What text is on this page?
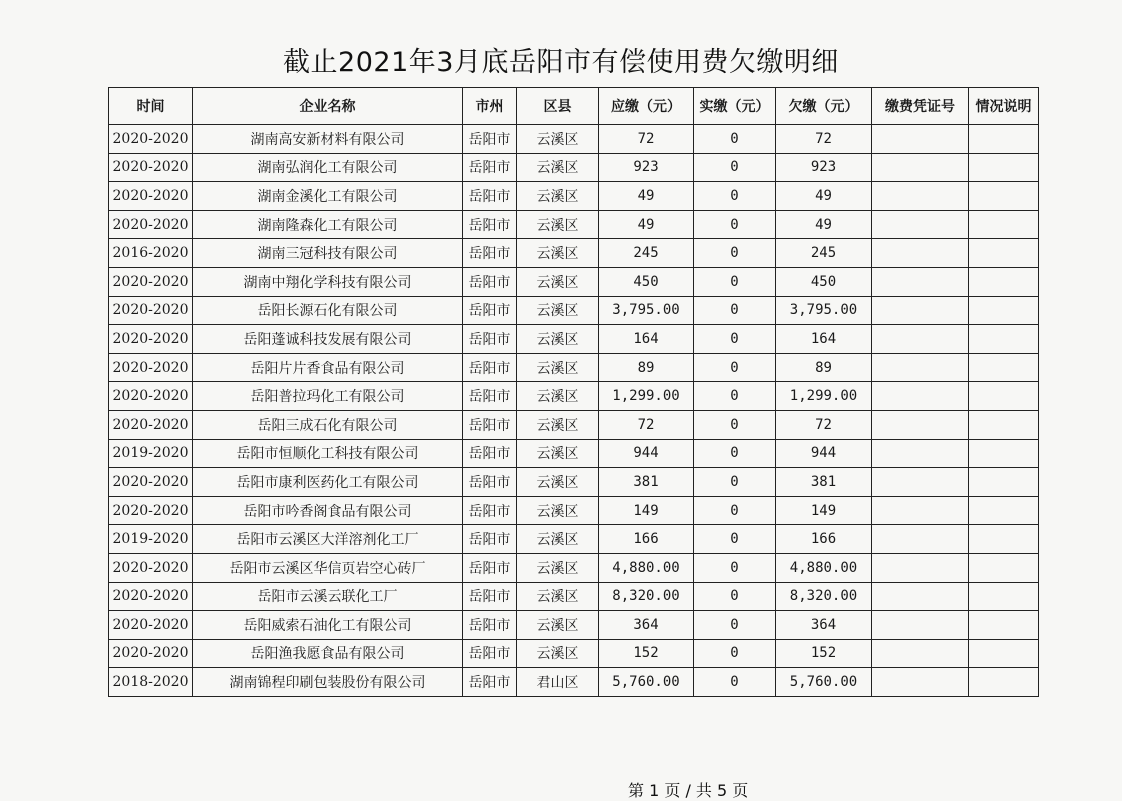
截止2021年3月底岳阳市有偿使用费欠缴明细
时间	企业名称	市州	区县	应缴（元）	实缴（元）	欠缴（元）	缴费凭证号	情况说明
2020-2020	湖南高安新材料有限公司	岳阳市	云溪区	72	0	72		
2020-2020	湖南弘润化工有限公司	岳阳市	云溪区	923	0	923		
2020-2020	湖南金溪化工有限公司	岳阳市	云溪区	49	0	49		
2020-2020	湖南隆森化工有限公司	岳阳市	云溪区	49	0	49		
2016-2020	湖南三冠科技有限公司	岳阳市	云溪区	245	0	245		
2020-2020	湖南中翔化学科技有限公司	岳阳市	云溪区	450	0	450		
2020-2020	岳阳长源石化有限公司	岳阳市	云溪区	3,795.00	0	3,795.00		
2020-2020	岳阳蓬诚科技发展有限公司	岳阳市	云溪区	164	0	164		
2020-2020	岳阳片片香食品有限公司	岳阳市	云溪区	89	0	89		
2020-2020	岳阳普拉玛化工有限公司	岳阳市	云溪区	1,299.00	0	1,299.00		
2020-2020	岳阳三成石化有限公司	岳阳市	云溪区	72	0	72		
2019-2020	岳阳市恒顺化工科技有限公司	岳阳市	云溪区	944	0	944		
2020-2020	岳阳市康利医药化工有限公司	岳阳市	云溪区	381	0	381		
2020-2020	岳阳市吟香阁食品有限公司	岳阳市	云溪区	149	0	149		
2019-2020	岳阳市云溪区大洋溶剂化工厂	岳阳市	云溪区	166	0	166		
2020-2020	岳阳市云溪区华信页岩空心砖厂	岳阳市	云溪区	4,880.00	0	4,880.00		
2020-2020	岳阳市云溪云联化工厂	岳阳市	云溪区	8,320.00	0	8,320.00		
2020-2020	岳阳威索石油化工有限公司	岳阳市	云溪区	364	0	364		
2020-2020	岳阳渔我愿食品有限公司	岳阳市	云溪区	152	0	152		
2018-2020	湖南锦程印刷包装股份有限公司	岳阳市	君山区	5,760.00	0	5,760.00		
第 1 页 / 共 5 页
